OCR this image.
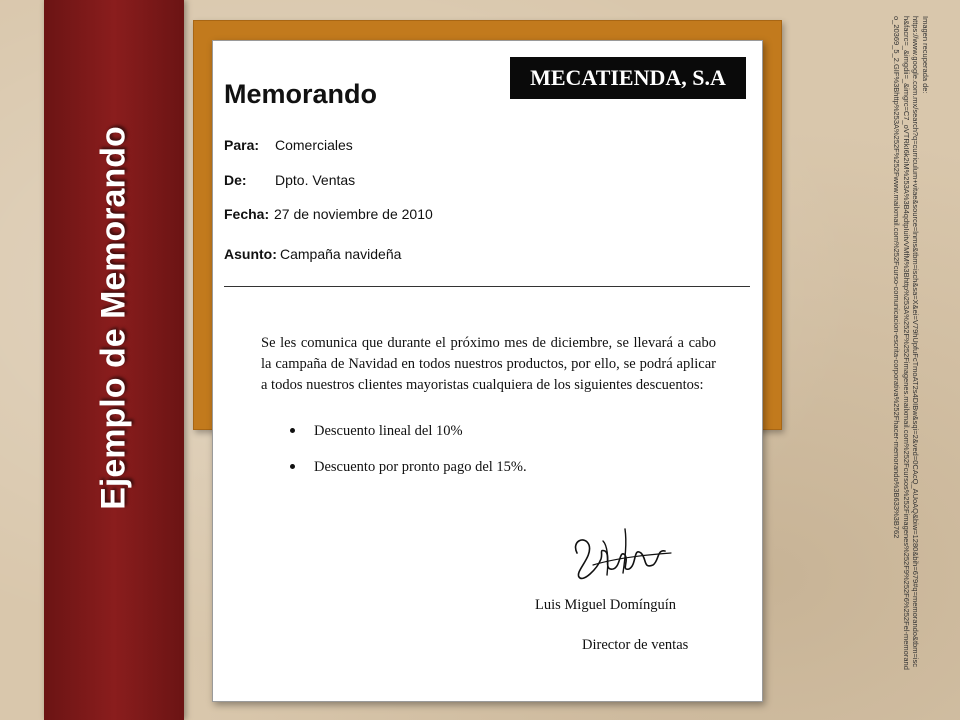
Ejemplo de Memorando
MECATIENDA, S.A
Memorando
Para: Comerciales
De: Dpto. Ventas
Fecha: 27 de noviembre de 2010
Asunto: Campaña navideña

Se les comunica que durante el próximo mes de diciembre, se llevará a cabo la campaña de Navidad en todos nuestros productos, por ello, se podrá aplicar a todos nuestros clientes mayoristas cualquiera de los siguientes descuentos:

Descuento lineal del 10%
Descuento por pronto pago del 15%.
Luis Miguel Domínguín
Director de ventas
Imagen recuperada de:
https://www.google.com.mx/search?q=curriculum+vitae&source=lnms&tbm=isch&sa=X&ei=V79hUpfuFcTmoAT2s4DIBw&sqi=2&ved=0CAcQ_AUoAQ&biw=1280&bih=679#q=memorando&tbm=isch&facrc=_&imgdii=_&imgrc=C7_oVTRkI6k2iM%253A%3B4qdtpIuitvVMfM%3Bhttp%253A%252F%252Fimagenes.mailxmail.com%252Fcursos%252Fimagenes%252F9%252F6%252Fel-memorando_20369_5_2.GIF%3Bhttp%253A%252F%252Fwww.mailxmail.com%252Fcurso-comunicacion-escrita-corporativa%252Fhacer-memorando%3B633%3B762
